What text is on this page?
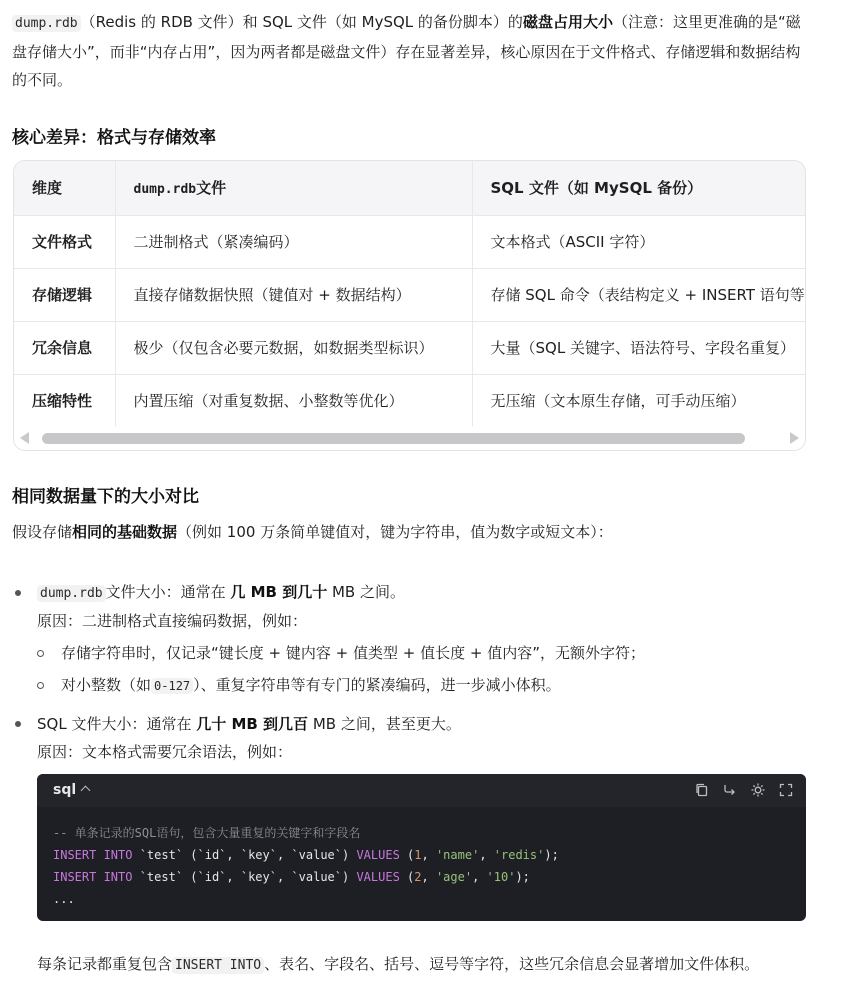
dump.rdb （Redis 的 RDB 文件）和 SQL 文件（如 MySQL 的备份脚本）的磁盘占用大小（注意：这里更准确的是“磁盘存储大小”，而非“内存占用”，因为两者都是磁盘文件）存在显著差异，核心原因在于文件格式、存储逻辑和数据结构的不同。
核心差异：格式与存储效率
维度	dump.rdb文件	SQL 文件（如 MySQL 备份）
文件格式	二进制格式（紧凑编码）	文本格式（ASCII 字符）
存储逻辑	直接存储数据快照（键值对 + 数据结构）	存储 SQL 命令（表结构定义 + INSERT 语句等
冗余信息	极少（仅包含必要元数据，如数据类型标识）	大量（SQL 关键字、语法符号、字段名重复）
压缩特性	内置压缩（对重复数据、小整数等优化）	无压缩（文本原生存储，可手动压缩）
相同数据量下的大小对比
假设存储相同的基础数据（例如 100 万条简单键值对，键为字符串，值为数字或短文本）：
dump.rdb 文件大小：通常在 几 MB 到几十 MB 之间。
原因：二进制格式直接编码数据，例如：
存储字符串时，仅记录“键长度 + 键内容 + 值类型 + 值长度 + 值内容”，无额外字符；
对小整数（如 0-127 ）、重复字符串等有专门的紧凑编码，进一步减小体积。
SQL 文件大小：通常在 几十 MB 到几百 MB 之间，甚至更大。
原因：文本格式需要冗余语法，例如：
sql
-- 单条记录的SQL语句，包含大量重复的关键字和字段名
INSERT INTO `test` (`id`, `key`, `value`) VALUES (1, 'name', 'redis');
INSERT INTO `test` (`id`, `key`, `value`) VALUES (2, 'age', '10');
...
每条记录都重复包含 INSERT INTO 、表名、字段名、括号、逗号等字符，这些冗余信息会显著增加文件体积。
